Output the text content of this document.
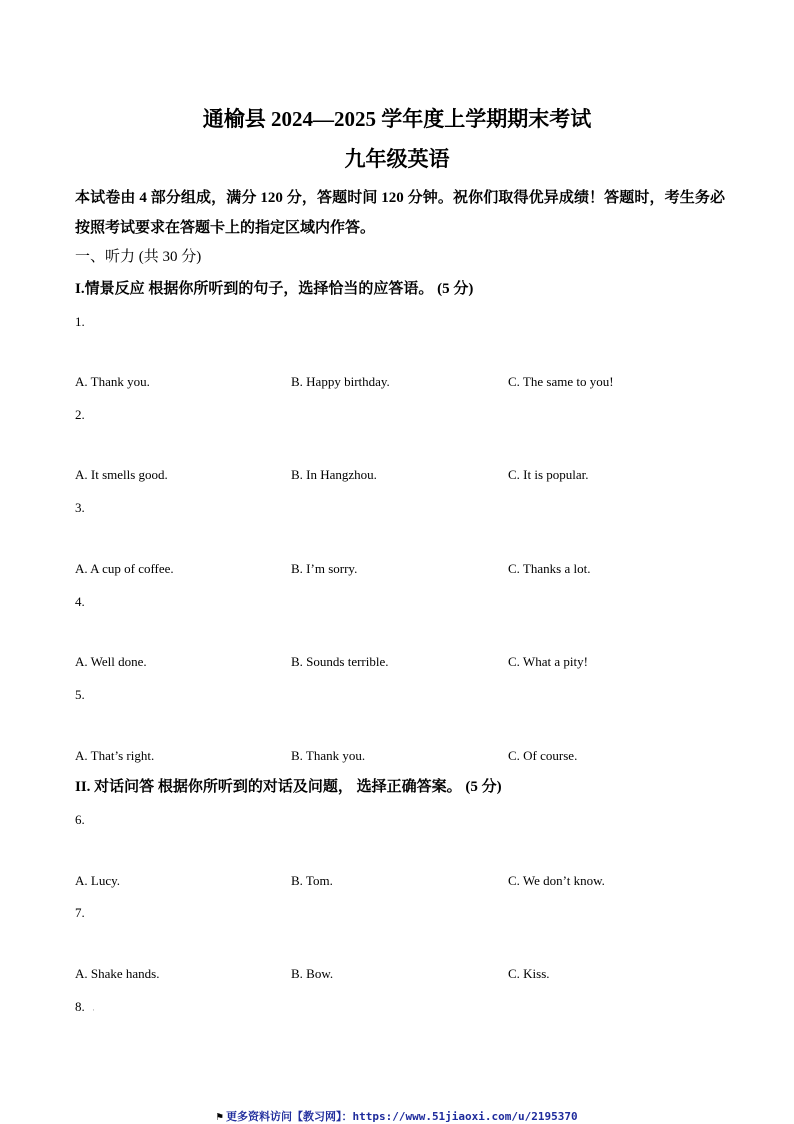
通榆县 2024—2025 学年度上学期期末考试
九年级英语
本试卷由 4 部分组成，满分 120 分，答题时间 120 分钟。祝你们取得优异成绩！答题时，考生务必按照考试要求在答题卡上的指定区域内作答。
一、听力 (共 30 分)
I.情景反应 根据你所听到的句子，选择恰当的应答语。 (5 分)
1.
A. Thank you.	B. Happy birthday.	C. The same to you!
2.
A. It smells good.	B. In Hangzhou.	C. It is popular.
3.
A. A cup of coffee.	B. I’m sorry.	C. Thanks a lot.
4.
A. Well done.	B. Sounds terrible.	C. What a pity!
5.
A. That’s right.	B. Thank you.	C. Of course.
II. 对话问答 根据你所听到的对话及问题， 选择正确答案。 (5 分)
6.
A. Lucy.	B. Tom.	C. We don’t know.
7.
A. Shake hands.	B. Bow.	C. Kiss.
8. ·
⚑ 更多资料访问【教习网】：https://www.51jiaoxi.com/u/2195370
